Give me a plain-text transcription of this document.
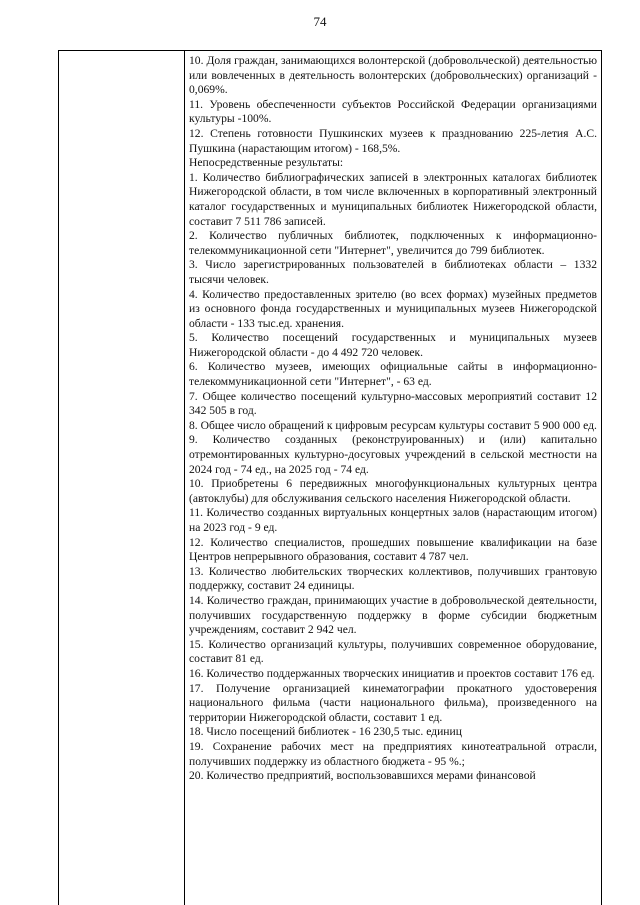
74

10. Доля граждан, занимающихся волонтерской (добровольческой) деятельностью или вовлеченных в деятельность волонтерских (добровольческих) организаций - 0,069%.

11. Уровень обеспеченности субъектов Российской Федерации организациями культуры -100%.

12. Степень готовности Пушкинских музеев к празднованию 225-летия А.С. Пушкина (нарастающим итогом) - 168,5%.

Непосредственные результаты:

1. Количество библиографических записей в электронных каталогах библиотек Нижегородской области, в том числе включенных в корпоративный электронный каталог государственных и муниципальных библиотек Нижегородской области, составит 7 511 786 записей.

2. Количество публичных библиотек, подключенных к информационно-телекоммуникационной сети "Интернет", увеличится до 799 библиотек.

3. Число зарегистрированных пользователей в библиотеках области – 1332 тысячи человек.

4. Количество предоставленных зрителю (во всех формах) музейных предметов из основного фонда государственных и муниципальных музеев Нижегородской области - 133 тыс.ед. хранения.

5. Количество посещений государственных и муниципальных музеев Нижегородской области - до 4 492 720 человек.

6. Количество музеев, имеющих официальные сайты в информационно-телекоммуникационной сети "Интернет", - 63 ед.

7. Общее количество посещений культурно-массовых мероприятий составит 12 342 505 в год.

8. Общее число обращений к цифровым ресурсам культуры составит 5 900 000 ед.

9. Количество созданных (реконструированных) и (или) капитально отремонтированных культурно-досуговых учреждений в сельской местности на 2024 год - 74 ед., на 2025 год - 74 ед.

10. Приобретены 6 передвижных многофункциональных культурных центра (автоклубы) для обслуживания сельского населения Нижегородской области.

11. Количество созданных виртуальных концертных залов (нарастающим итогом) на 2023 год - 9 ед.

12. Количество специалистов, прошедших повышение квалификации на базе Центров непрерывного образования, составит 4 787 чел.

13. Количество любительских творческих коллективов, получивших грантовую поддержку, составит 24 единицы.

14. Количество граждан, принимающих участие в добровольческой деятельности, получивших государственную поддержку в форме субсидии бюджетным учреждениям, составит 2 942 чел.

15. Количество организаций культуры, получивших современное оборудование, составит 81 ед.

16. Количество поддержанных творческих инициатив и проектов составит 176 ед.

17. Получение организацией кинематографии прокатного удостоверения национального фильма (части национального фильма), произведенного на территории Нижегородской области, составит 1 ед.

18. Число посещений библиотек - 16 230,5 тыс. единиц

19. Сохранение рабочих мест на предприятиях кинотеатральной отрасли, получивших поддержку из областного бюджета - 95 %.;

20. Количество предприятий, воспользовавшихся мерами финансовой
